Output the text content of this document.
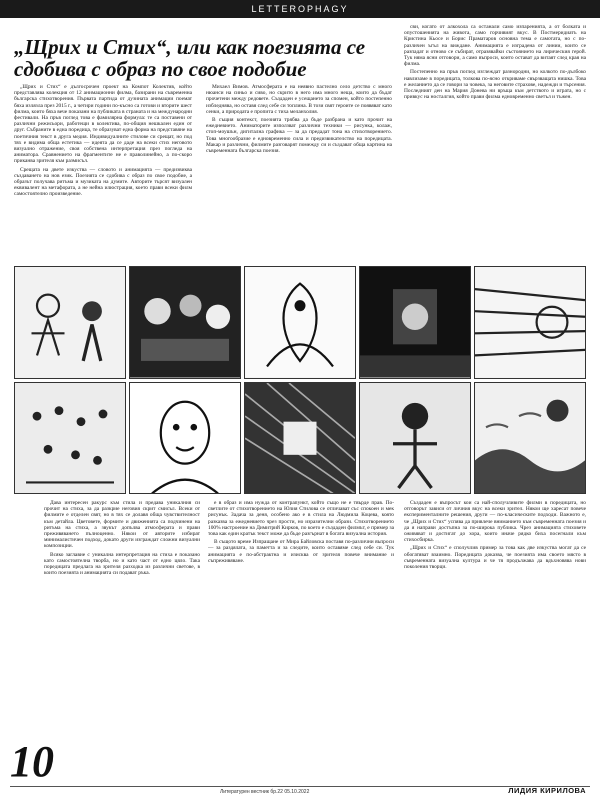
LETTEROPHAGY
„Щрих и Стих“, или как поезията се сдобива с образ по свое подобие

„Щрих и Стих“ е дългосрочен проект на Компот Колектив, който представлява колекция от 12 анимационни филма, базирани на съвременна българска стихотворения. Първата партида от дузината анимации поемат бяха излязла през 2015 г., а четири години по-късно са готови и вторите шест филма, които бяха вече показани на публиката в страната и на международни фестивали. На пръв поглед това е фамилярна формула: те са поставени от различни режисьори, работещи в колектива, по-общия нешкален един от друг. Събраните в една поредица, те образуват една форма на представяне на поетичния текст в друга медия. Индивидуалните стилове си срещат, но под тях е видима обща естетика — идеята да се даде на всеки стих неговото визуално отражение, своя собствена интерпретация през погледа на аниматора. Сравнението на фрагментите не е праволинейно, а по-скоро приканва зрителя към размисъл.

Срещата на двете изкуства — словото и анимацията — предизвиква създаването на нов език. Поезията се сдобива с образ по свое подобие, а образът получава ритъма и музиката на думите. Авторите търсят визуален еквивалент на метафората, а не нейна илюстрация, което прави всеки филм самостоятелно произведение.

Михаел Вимов. Атмосферата е на неявно пастелно село детство с много нюанси на синьо и сиво, но скрито в него има много неща, които да бъдат прочетени между редовете. Създаден е усещането за спомен, който постепенно избледнява, но оставя след себе си топлина. В този свят героите се появяват като сенки, а природата е пропита с тиха меланхолия.

В същия контекст, поезията трябва да бъде разбрана и като прочит на ежедневието. Аниматорите използват различни техники — рисунка, колаж, стоп-моушън, дигитална графика — за да предадат тона на стихотворението. Това многообразие е едновременно сила и предизвикателство на поредицата. Макар и различни, филмите разговарят помежду си и създават обща картина на съвременната българска поезия.

сви, когато от алкохола са останали само изпаренията, а от болката и опустошенията на живота, само горчивият вкус. В Постмеридиатъ на Кристина Кьосе и Борис Праматаров основна тема е самотата, но с по-различен ъгъл на виждане. Анимацията е изградена от линии, които се разпадат и отново се събират, отразявайки състоянието на лирическия герой. Тук няма ясни отговори, а само въпроси, които остават да витаят след края на филма.

Постепенно на пръв поглед изглеждат разнородни, но колкото по-дълбоко навлизаме в поредицата, толкова по-ясно откриваме свързващата нишка. Това е желанието да се говори за човека, за неговите страхове, надежди и търсения. Последният ден на Мария Донева ни връща към детството и играта, но с привкус на носталгия, който прави филма едновременно светъл и тъжен.

Дава интересен ракурс към стила и предава уникалния си прочит на стиха, за да разкрие неговия скрит смисъл. Всеки от филмите е отделен свят, но в тях се долавя обща чувствителност към детайла. Цветовете, формите и движенията са подчинени на ритъма на стиха, а звукът допълва атмосферата и прави преживяването пълноценно. Някои от авторите избират минималистичен подход, докато други изграждат сложни визуални композиции.

Всяко заглавие с уникална интерпретация на стиха е показано като самостоятелна творба, но и като част от едно цяло. Така поредицата предлага на зрителя разходка из различни светове, в които поезията и анимацията си подават ръка.

е в образ и има нужда от контрапункт, който също не е твърде прав. По-светлите от стихотворението на Юлия Стилова се отличават със спокоен и мек рисунък. Задача за деня, особено ако е в стила на Людмила Коцева, която разказва за ежедневието чрез прости, но изразителни образи. Стихотворението 100% настроение на Димитрий Кирков, по което е създаден филмът, е пример за това как един кратък текст може да бъде разгърнат в богата визуална история.

В същото време Изпращане от Мира Байловска поставя по-различни въпроси — за раздялата, за паметта и за следите, които оставяме след себе си. Тук анимацията е по-абстрактна и изисква от зрителя повече внимание и съпреживяване.

Създаден е въпросът кои са най-сполучливите филми в поредицата, но отговорът зависи от личния вкус на всеки зрител. Някои ще харесат повече експерименталните решения, други — по-класическите подходи. Важното е, че „Щрих и Стих“ успява да привлече вниманието към съвременната поезия и да я направи достъпна за по-широка публика. Чрез анимацията стиховете оживяват и достигат до хора, които иначе рядко биха посегнали към стихосбирка.

„Щрих и Стих“ е сполучлив пример за това как две изкуства могат да се обогатяват взаимно. Поредицата доказва, че поезията има своето място в съвременната визуална култура и че тя продължава да вдъхновява нови поколения творци.

10
Литературен вестник бр.22 05.10.2022	ЛИДИЯ КИРИЛОВА
